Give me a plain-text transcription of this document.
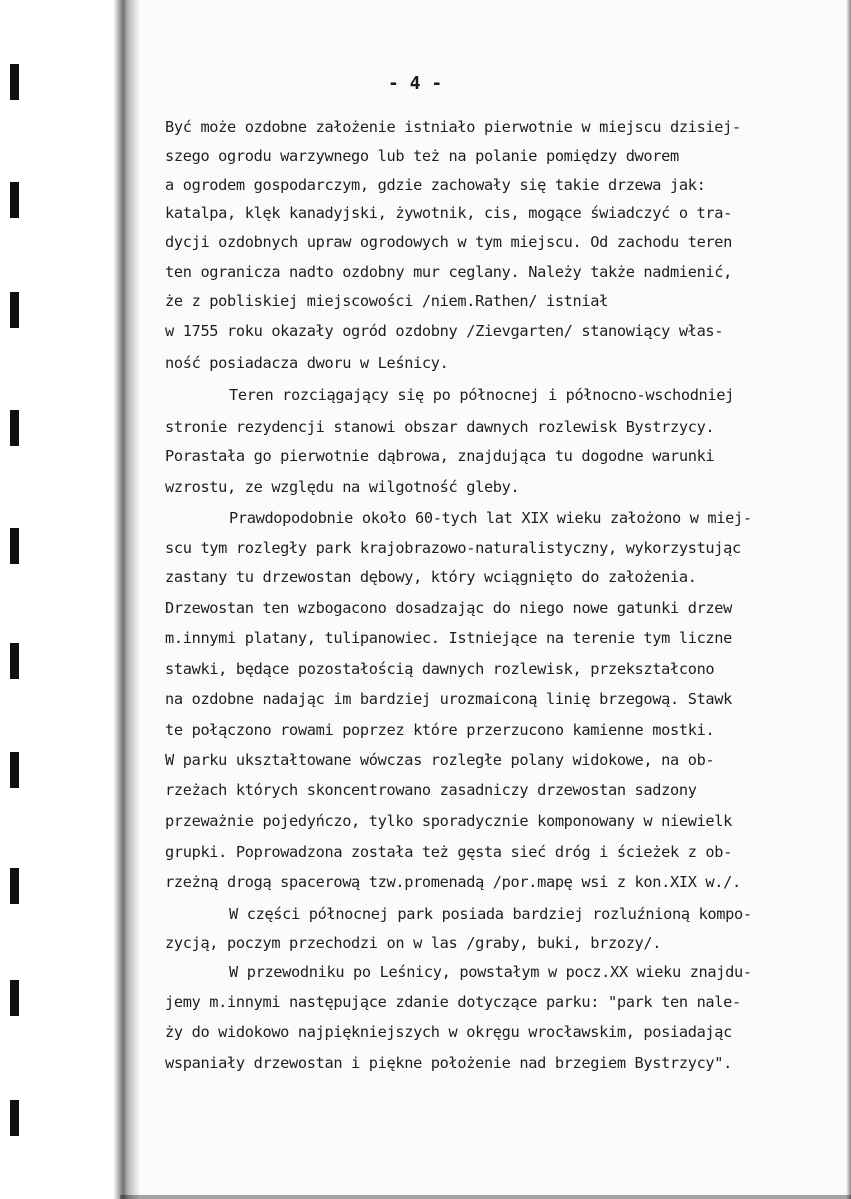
- 4 -
Być może ozdobne założenie istniało pierwotnie w miejscu dzisiej-
szego ogrodu warzywnego lub też na polanie pomiędzy dworem
a ogrodem gospodarczym, gdzie zachowały się takie drzewa jak:
katalpa, klęk kanadyjski, żywotnik, cis, mogące świadczyć o tra-
dycji ozdobnych upraw ogrodowych w tym miejscu. Od zachodu teren
ten ogranicza nadto ozdobny mur ceglany. Należy także nadmienić,
że z pobliskiej miejscowości /niem.Rathen/ istniał
w 1755 roku okazały ogród ozdobny /Zievgarten/ stanowiący włas-
ność posiadacza dworu w Leśnicy.
Teren rozciągający się po północnej i północno-wschodniej
stronie rezydencji stanowi obszar dawnych rozlewisk Bystrzycy.
Porastała go pierwotnie dąbrowa, znajdująca tu dogodne warunki
wzrostu, ze względu na wilgotność gleby.
Prawdopodobnie około 60-tych lat XIX wieku założono w miej-
scu tym rozległy park krajobrazowo-naturalistyczny, wykorzystując
zastany tu drzewostan dębowy, który wciągnięto do założenia.
Drzewostan ten wzbogacono dosadzając do niego nowe gatunki drzew
m.innymi platany, tulipanowiec. Istniejące na terenie tym liczne
stawki, będące pozostałością dawnych rozlewisk, przekształcono
na ozdobne nadając im bardziej urozmaiconą linię brzegową. Stawk
te połączono rowami poprzez które przerzucono kamienne mostki.
W parku ukształtowane wówczas rozległe polany widokowe, na ob-
rzeżach których skoncentrowano zasadniczy drzewostan sadzony
przeważnie pojedyńczo, tylko sporadycznie komponowany w niewielk
grupki. Poprowadzona została też gęsta sieć dróg i ścieżek z ob-
rzeżną drogą spacerową tzw.promenadą /por.mapę wsi z kon.XIX w./.
W części północnej park posiada bardziej rozluźnioną kompo-
zycją, poczym przechodzi on w las /graby, buki, brzozy/.
W przewodniku po Leśnicy, powstałym w pocz.XX wieku znajdu-
jemy m.innymi następujące zdanie dotyczące parku: "park ten nale-
ży do widokowo najpiękniejszych w okręgu wrocławskim, posiadając
wspaniały drzewostan i piękne położenie nad brzegiem Bystrzycy".
